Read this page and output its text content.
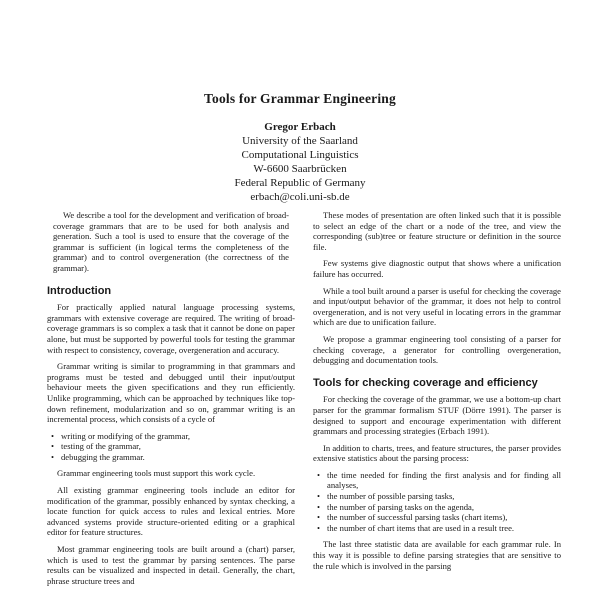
Tools for Grammar Engineering
Gregor Erbach
University of the Saarland
Computational Linguistics
W-6600 Saarbrücken
Federal Republic of Germany
erbach@coli.uni-sb.de

We describe a tool for the development and verification of broad-coverage grammars that are to be used for both analysis and generation. Such a tool is used to ensure that the coverage of the grammar is sufficient (in logical terms the completeness of the grammar) and to control overgeneration (the correctness of the grammar).

Introduction

For practically applied natural language processing systems, grammars with extensive coverage are required. The writing of broad-coverage grammars is so complex a task that it cannot be done on paper alone, but must be supported by powerful tools for testing the grammar with respect to consistency, coverage, overgeneration and accuracy.

Grammar writing is similar to programming in that grammars and programs must be tested and debugged until their input/output behaviour meets the given specifications and they run efficiently. Unlike programming, which can be approached by techniques like top-down refinement, modularization and so on, grammar writing is an incremental process, which consists of a cycle of

• writing or modifying of the grammar,
• testing of the grammar,
• debugging the grammar.

Grammar engineering tools must support this work cycle.

All existing grammar engineering tools include an editor for modification of the grammar, possibly enhanced by syntax checking, a locate function for quick access to rules and lexical entries. More advanced systems provide structure-oriented editing or a graphical editor for feature structures.

Most grammar engineering tools are built around a (chart) parser, which is used to test the grammar by parsing sentences. The parse results can be visualized and inspected in detail. Generally, the chart, phrase structure trees and

These modes of presentation are often linked such that it is possible to select an edge of the chart or a node of the tree, and view the corresponding (sub)tree or feature structure or definition in the source file.

Few systems give diagnostic output that shows where a unification failure has occurred.

While a tool built around a parser is useful for checking the coverage and input/output behavior of the grammar, it does not help to control overgeneration, and is not very useful in locating errors in the grammar which are due to unification failure.

We propose a grammar engineering tool consisting of a parser for checking coverage, a generator for controlling overgeneration, debugging and documentation tools.

Tools for checking coverage and efficiency

For checking the coverage of the grammar, we use a bottom-up chart parser for the grammar formalism STUF (Dörre 1991). The parser is designed to support and encourage experimentation with different grammars and processing strategies (Erbach 1991).

In addition to charts, trees, and feature structures, the parser provides extensive statistics about the parsing process:

• the time needed for finding the first analysis and for finding all analyses,
• the number of possible parsing tasks,
• the number of parsing tasks on the agenda,
• the number of successful parsing tasks (chart items),
• the number of chart items that are used in a result tree.

The last three statistic data are available for each grammar rule. In this way it is possible to define parsing strategies that are sensitive to the rule which is involved in the parsing
